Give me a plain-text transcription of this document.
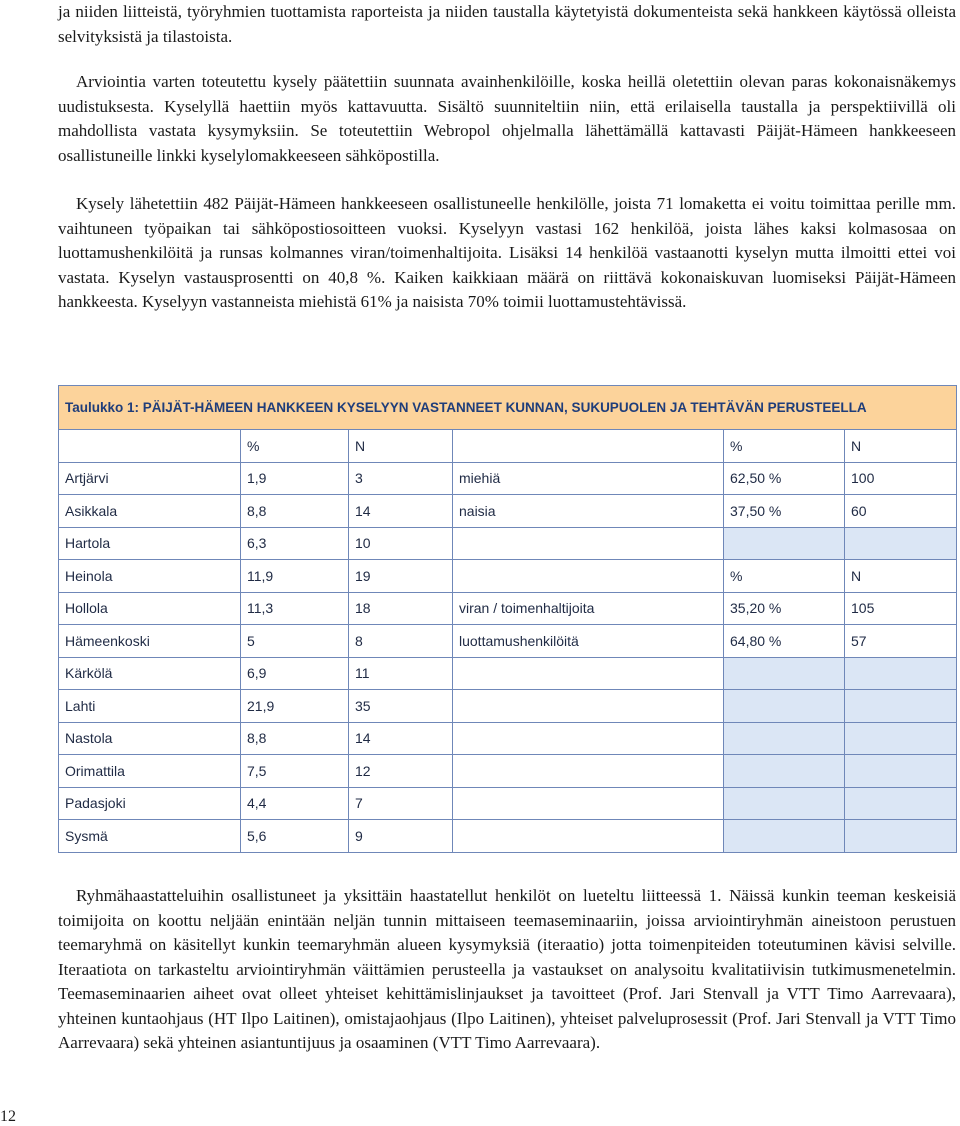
ja niiden liitteistä, työryhmien tuottamista raporteista ja niiden taustalla käytetyistä dokumenteista sekä hankkeen käytössä olleista selvityksistä ja tilastoista.

Arviointia varten toteutettu kysely päätettiin suunnata avainhenkilöille, koska heillä oletettiin olevan paras kokonaisnäkemys uudistuksesta. Kyselyllä haettiin myös kattavuutta. Sisältö suunniteltiin niin, että erilaisella taustalla ja perspektiivillä oli mahdollista vastata kysymyksiin. Se toteutettiin Webropol ohjelmalla lähettämällä kattavasti Päijät-Hämeen hankkeeseen osallistuneille linkki kyselylomakkeeseen sähköpostilla.

Kysely lähetettiin 482 Päijät-Hämeen hankkeeseen osallistuneelle henkilölle, joista 71 lomaketta ei voitu toimittaa perille mm. vaihtuneen työpaikan tai sähköpostiosoitteen vuoksi. Kyselyyn vastasi 162 henkilöä, joista lähes kaksi kolmasosaa on luottamushenkilöitä ja runsas kolmannes viran/toimenhaltijoita. Lisäksi 14 henkilöä vastaanotti kyselyn mutta ilmoitti ettei voi vastata. Kyselyn vastausprosentti on 40,8 %. Kaiken kaikkiaan määrä on riittävä kokonaiskuvan luomiseksi Päijät-Hämeen hankkeesta. Kyselyyn vastanneista miehistä 61% ja naisista 70% toimii luottamustehtävissä.

Taulukko 1: PÄIJÄT-HÄMEEN HANKKEEN KYSELYYN VASTANNEET KUNNAN, SUKUPUOLEN JA TEHTÄVÄN PERUSTEELLA					
	%	N		%	N
Artjärvi	1,9	3	miehiä	62,50 %	100
Asikkala	8,8	14	naisia	37,50 %	60
Hartola	6,3	10			
Heinola	11,9	19		%	N
Hollola	11,3	18	viran / toimenhaltijoita	35,20 %	105
Hämeenkoski	5	8	luottamushenkilöitä	64,80 %	57
Kärkölä	6,9	11			
Lahti	21,9	35			
Nastola	8,8	14			
Orimattila	7,5	12			
Padasjoki	4,4	7			
Sysmä	5,6	9			

Ryhmähaastatteluihin osallistuneet ja yksittäin haastatellut henkilöt on lueteltu liitteessä 1. Näissä kunkin teeman keskeisiä toimijoita on koottu neljään enintään neljän tunnin mittaiseen teemaseminaariin, joissa arviointiryhmän aineistoon perustuen teemaryhmä on käsitellyt kunkin teemaryhmän alueen kysymyksiä (iteraatio) jotta toimenpiteiden toteutuminen kävisi selville. Iteraatiota on tarkasteltu arviointiryhmän väittämien perusteella ja vastaukset on analysoitu kvalitatiivisin tutkimusmenetelmin. Teemaseminaarien aiheet ovat olleet yhteiset kehittämislinjaukset ja tavoitteet (Prof. Jari Stenvall ja VTT Timo Aarrevaara), yhteinen kuntaohjaus (HT Ilpo Laitinen), omistajaohjaus (Ilpo Laitinen), yhteiset palveluprosessit (Prof. Jari Stenvall ja VTT Timo Aarrevaara) sekä yhteinen asiantuntijuus ja osaaminen (VTT Timo Aarrevaara).

12
